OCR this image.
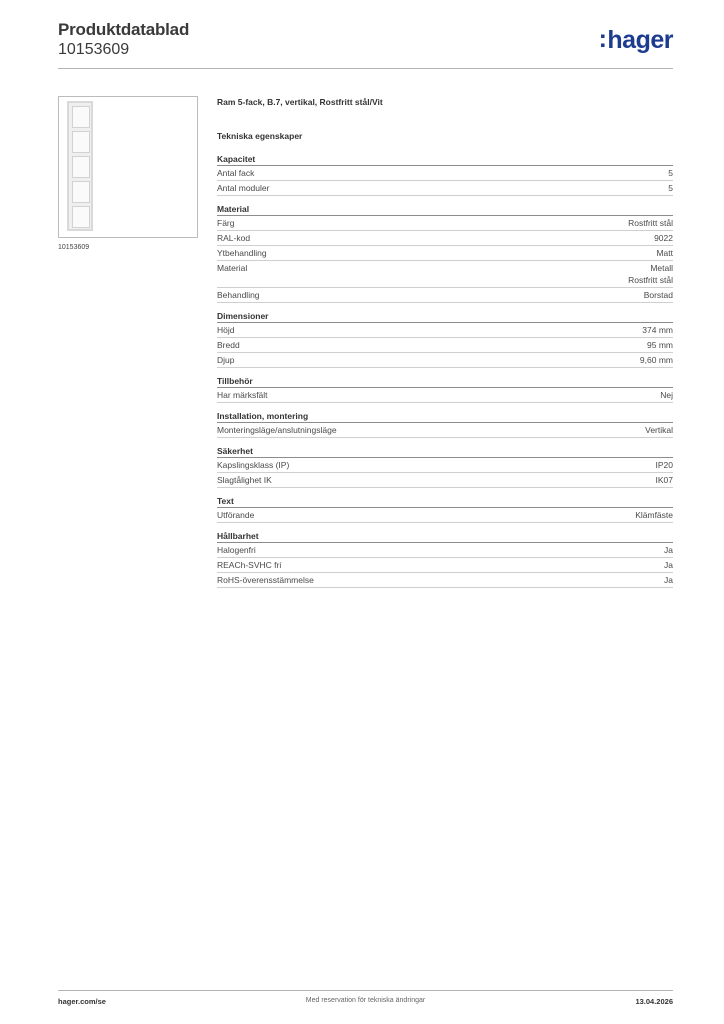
Produktdatablad
10153609	:hager
10153609
Ram 5-fack, B.7, vertikal, Rostfritt stål/Vit
Tekniska egenskaper
Kapacitet
Antal fack	5
Antal moduler	5
Material
Färg	Rostfritt stål
RAL-kod	9022
Ytbehandling	Matt
Material	Metall
Rostfritt stål
Behandling	Borstad
Dimensioner
Höjd	374 mm
Bredd	95 mm
Djup	9,60 mm
Tillbehör
Har märksfält	Nej
Installation, montering
Monteringsläge/anslutningsläge	Vertikal
Säkerhet
Kapslingsklass (IP)	IP20
Slagtålighet IK	IK07
Text
Utförande	Klämfäste
Hållbarhet
Halogenfri	Ja
REACh-SVHC fri	Ja
RoHS-överensstämmelse	Ja
hager.com/se	Med reservation för tekniska ändringar	13.04.2026
